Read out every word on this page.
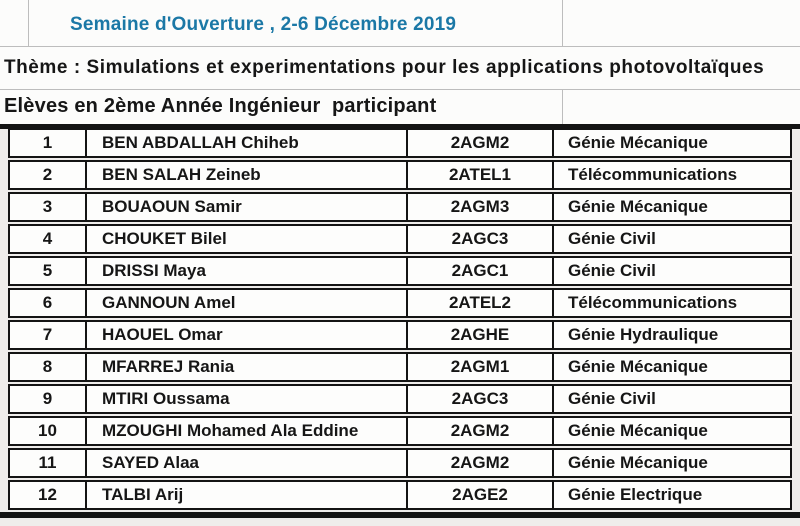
Semaine d'Ouverture , 2-6 Décembre 2019
Thème : Simulations et experimentations pour les applications photovoltaïques
Elèves en 2ème Année Ingénieur  participant
1	BEN ABDALLAH Chiheb	2AGM2	Génie Mécanique
2	BEN SALAH Zeineb	2ATEL1	Télécommunications
3	BOUAOUN Samir	2AGM3	Génie Mécanique
4	CHOUKET Bilel	2AGC3	Génie Civil
5	DRISSI Maya	2AGC1	Génie Civil
6	GANNOUN Amel	2ATEL2	Télécommunications
7	HAOUEL Omar	2AGHE	Génie Hydraulique
8	MFARREJ Rania	2AGM1	Génie Mécanique
9	MTIRI Oussama	2AGC3	Génie Civil
10	MZOUGHI Mohamed Ala Eddine	2AGM2	Génie Mécanique
11	SAYED Alaa	2AGM2	Génie Mécanique
12	TALBI Arij	2AGE2	Génie Electrique
